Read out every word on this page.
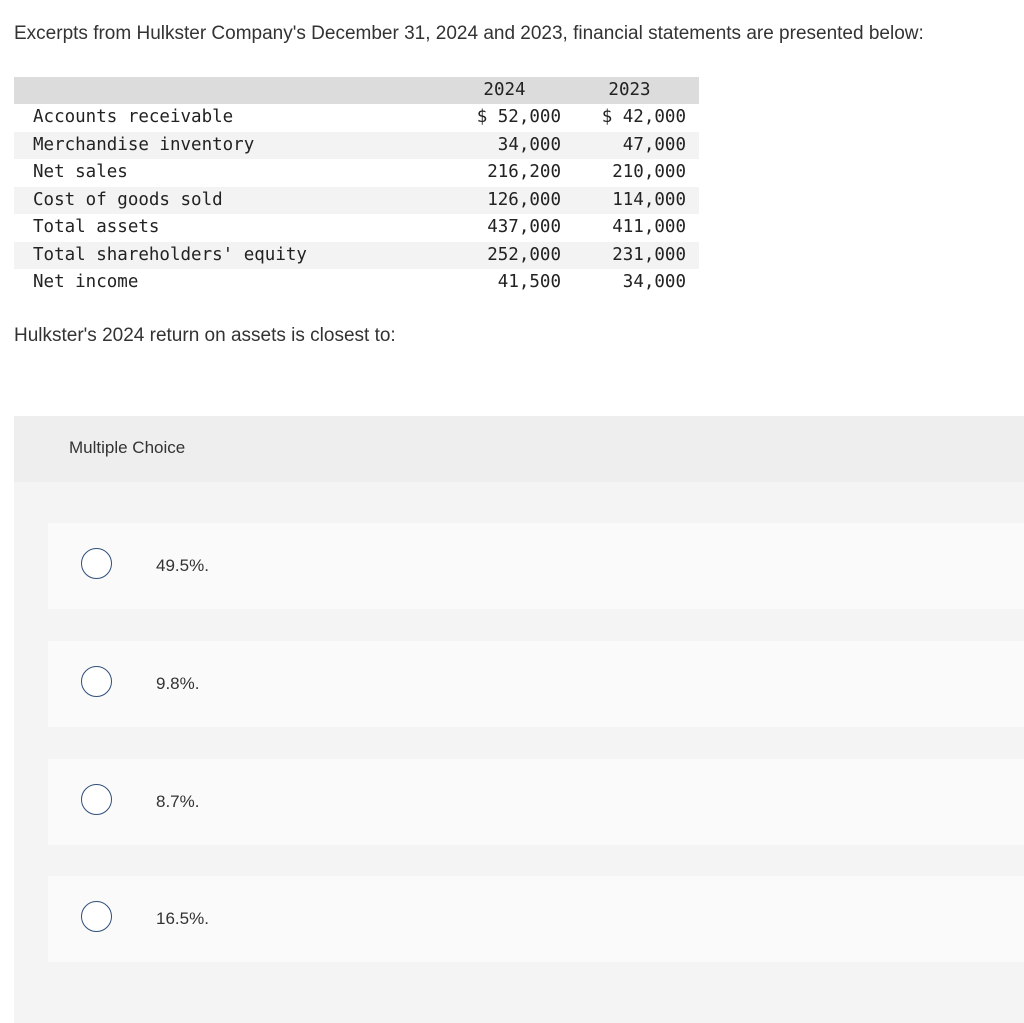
Excerpts from Hulkster Company's December 31, 2024 and 2023, financial statements are presented below:
	2024		2023
Accounts receivable	$ 52,000		$ 42,000
Merchandise inventory	34,000		47,000
Net sales	216,200		210,000
Cost of goods sold	126,000		114,000
Total assets	437,000		411,000
Total shareholders' equity	252,000		231,000
Net income	41,500		34,000
Hulkster's 2024 return on assets is closest to:
Multiple Choice
49.5%.
9.8%.
8.7%.
16.5%.
